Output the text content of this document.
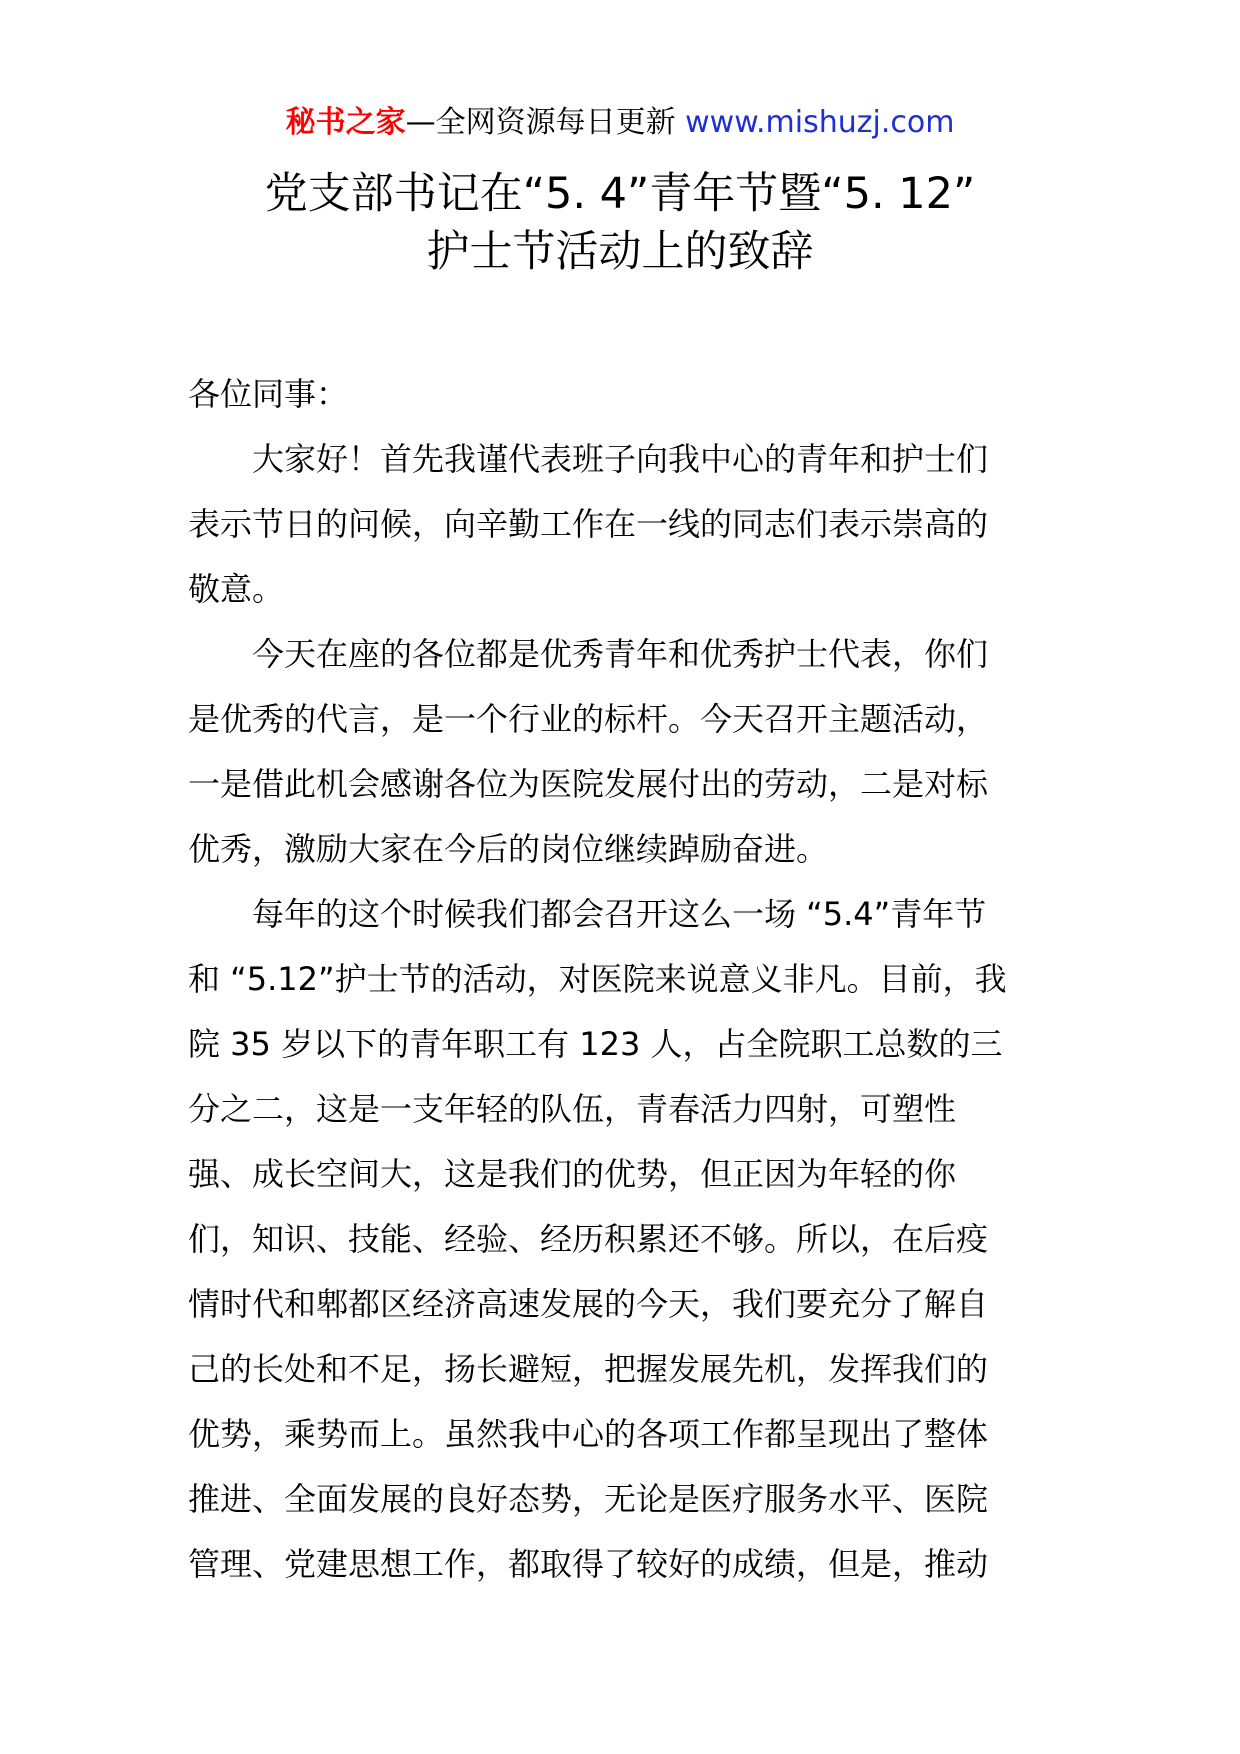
秘书之家—全网资源每日更新 www.mishuzj.com
党支部书记在“5. 4”青年节暨“5. 12”
护士节活动上的致辞

各位同事：

　　大家好！首先我谨代表班子向我中心的青年和护士们

表示节日的问候，向辛勤工作在一线的同志们表示崇高的

敬意。

　　今天在座的各位都是优秀青年和优秀护士代表，你们

是优秀的代言，是一个行业的标杆。今天召开主题活动，

一是借此机会感谢各位为医院发展付出的劳动，二是对标

优秀，激励大家在今后的岗位继续踔励奋进。

　　每年的这个时候我们都会召开这么一场 “5.4”青年节

和 “5.12”护士节的活动，对医院来说意义非凡。目前，我

院 35 岁以下的青年职工有 123 人，占全院职工总数的三

分之二，这是一支年轻的队伍，青春活力四射，可塑性

强、成长空间大，这是我们的优势，但正因为年轻的你

们，知识、技能、经验、经历积累还不够。所以，在后疫

情时代和郫都区经济高速发展的今天，我们要充分了解自

己的长处和不足，扬长避短，把握发展先机，发挥我们的

优势，乘势而上。虽然我中心的各项工作都呈现出了整体

推进、全面发展的良好态势，无论是医疗服务水平、医院

管理、党建思想工作，都取得了较好的成绩，但是，推动
